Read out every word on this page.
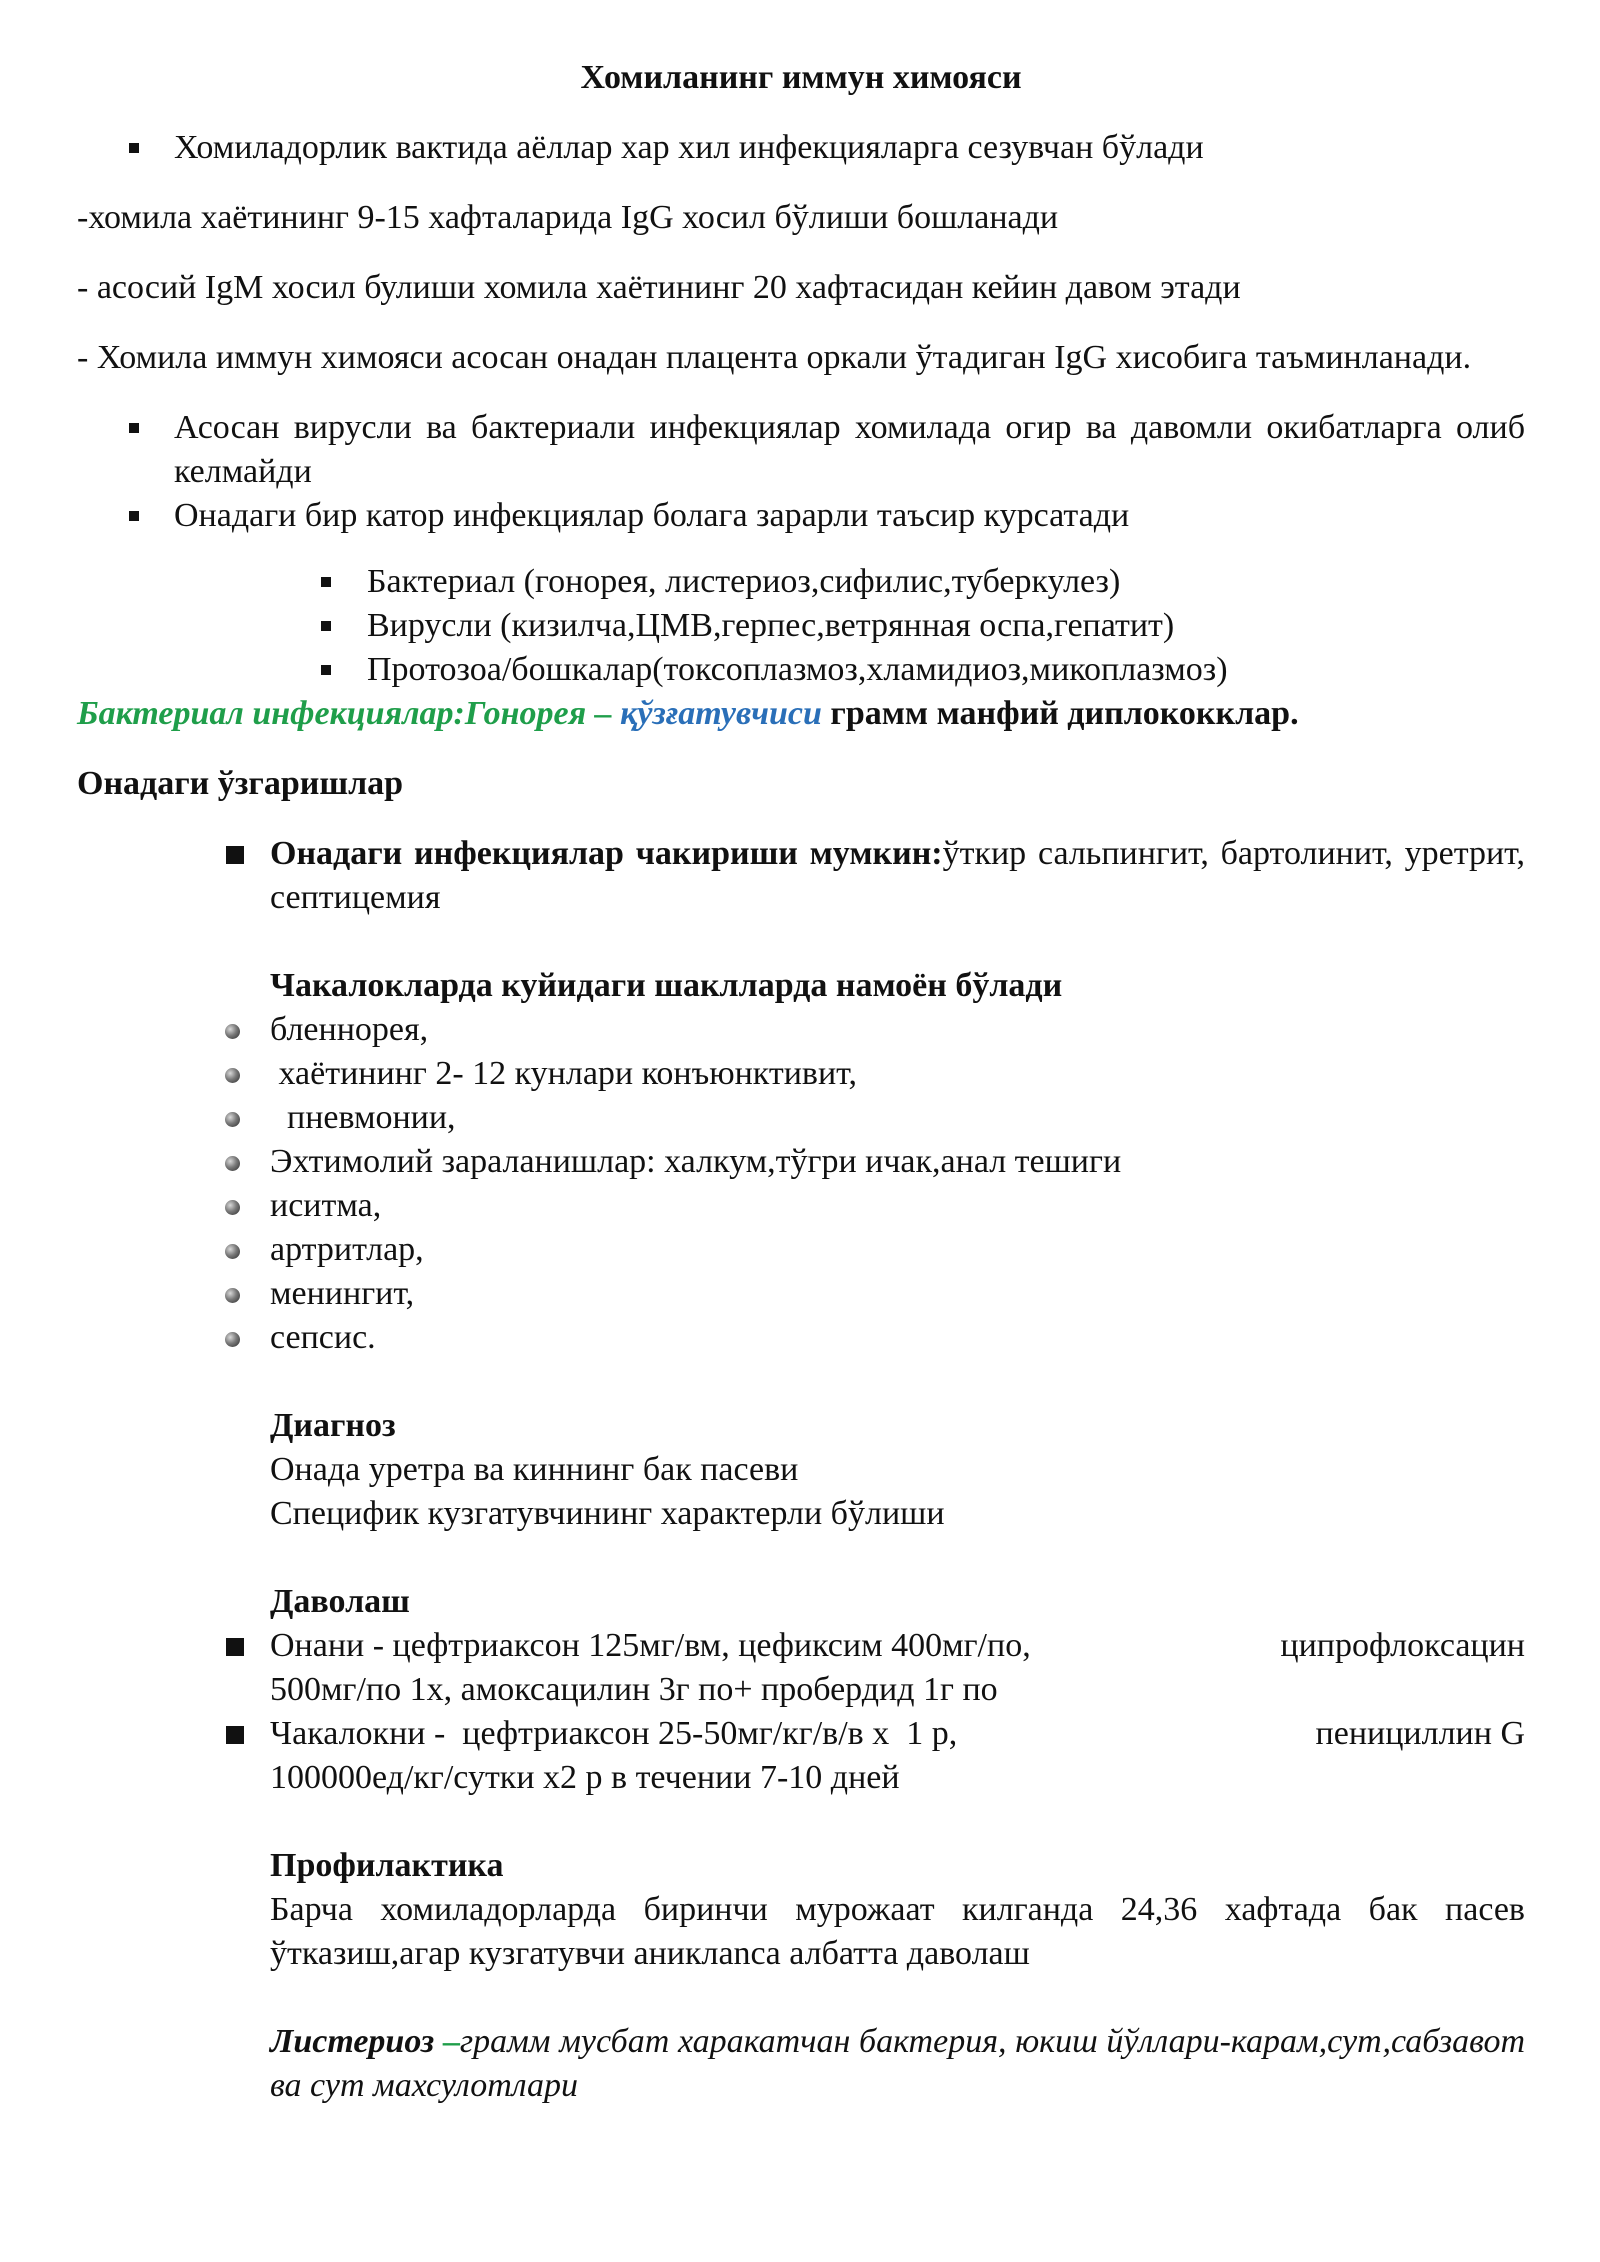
Хомиланинг иммун химояси

Хомиладорлик вактида аёллар хар хил инфекцияларга сезувчан бўлади

-хомила хаётининг 9-15 хафталарида IgG хосил бўлиши бошланади

- асосий IgM хосил булиши хомила хаётининг 20 хафтасидан кейин давом этади

- Хомила иммун химояси асосан онадан плацента оркали ўтадиган IgG хисобига таъминланади.

Асосан вирусли ва бактериали инфекциялар хомилада огир ва давомли окибатларга олиб келмайди

Онадаги бир катор инфекциялар болага зарарли таъсир курсатади

Бактериал (гонорея, листериоз,сифилис,туберкулез)

Вирусли (кизилча,ЦМВ,герпес,ветрянная оспа,гепатит)

Протозоа/бошкалар(токсоплазмоз,хламидиоз,микоплазмоз)

Бактериал инфекциялар:Гонорея – қўзғатувчиси грамм манфий диплококклар.

Онадаги ўзгаришлар

Онадаги инфекциялар чакириши мумкин:ўткир сальпингит, бартолинит, уретрит, септицемия

Чакалокларда куйидаги шаклларда намоён бўлади

бленнорея,

хаётининг 2- 12 кунлари конъюнктивит,

пневмонии,

Эхтимолий зараланишлар: халкум,тўгри ичак,анал тешиги

иситма,

артритлар,

менингит,

сепсис.

Диагноз

Онада уретра ва киннинг бак пасеви

Специфик кузгатувчининг характерли бўлиши

Даволаш

Онани - цефтриаксон 125мг/вм, цефиксим 400мг/по,	ципрофлоксацин
500мг/по 1х, амоксацилин 3г по+ пробердид 1г по
Чакалокни -  цефтриаксон 25-50мг/кг/в/в х  1 р,	пенициллин G
100000ед/кг/сутки х2 р в течении 7-10 дней

Профилактика

Барча хомиладорларда биринчи мурожаат килганда 24,36 хафтада бак пасев ўтказиш,агар кузгатувчи аниклanca албатта даволаш

Листериоз –грамм мусбат харакатчан бактерия, юкиш йўллари-карам,сут,сабзавот ва сут махсулотлари
